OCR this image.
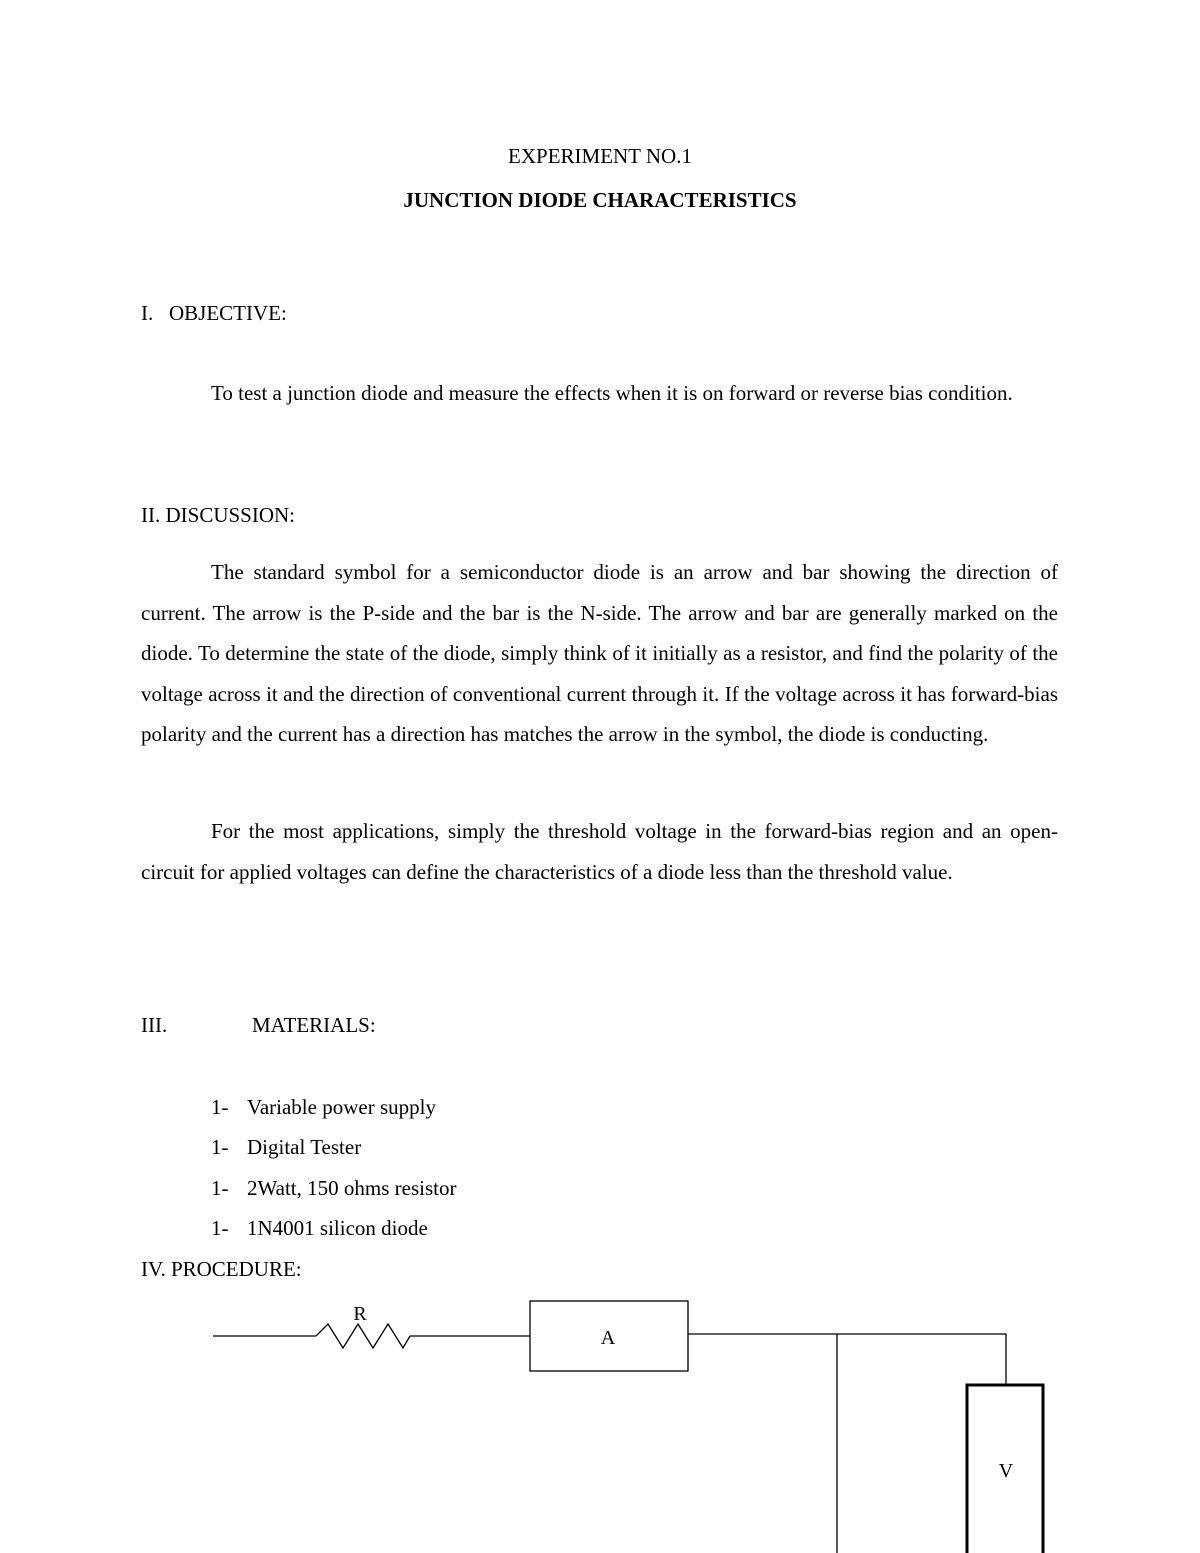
EXPERIMENT NO.1
JUNCTION DIODE CHARACTERISTICS
I. OBJECTIVE:

To test a junction diode and measure the effects when it is on forward or reverse bias condition.

II. DISCUSSION:

The standard symbol for a semiconductor diode is an arrow and bar showing the direction of current. The arrow is the P-side and the bar is the N-side. The arrow and bar are generally marked on the diode. To determine the state of the diode, simply think of it initially as a resistor, and find the polarity of the voltage across it and the direction of conventional current through it. If the voltage across it has forward-bias polarity and the current has a direction has matches the arrow in the symbol, the diode is conducting.

For the most applications, simply the threshold voltage in the forward-bias region and an open-circuit for applied voltages can define the characteristics of a diode less than the threshold value.

III.	MATERIALS:
1- Variable power supply
1- Digital Tester
1- 2Watt, 150 ohms resistor
1- 1N4001 silicon diode
IV. PROCEDURE:
R
A
V
